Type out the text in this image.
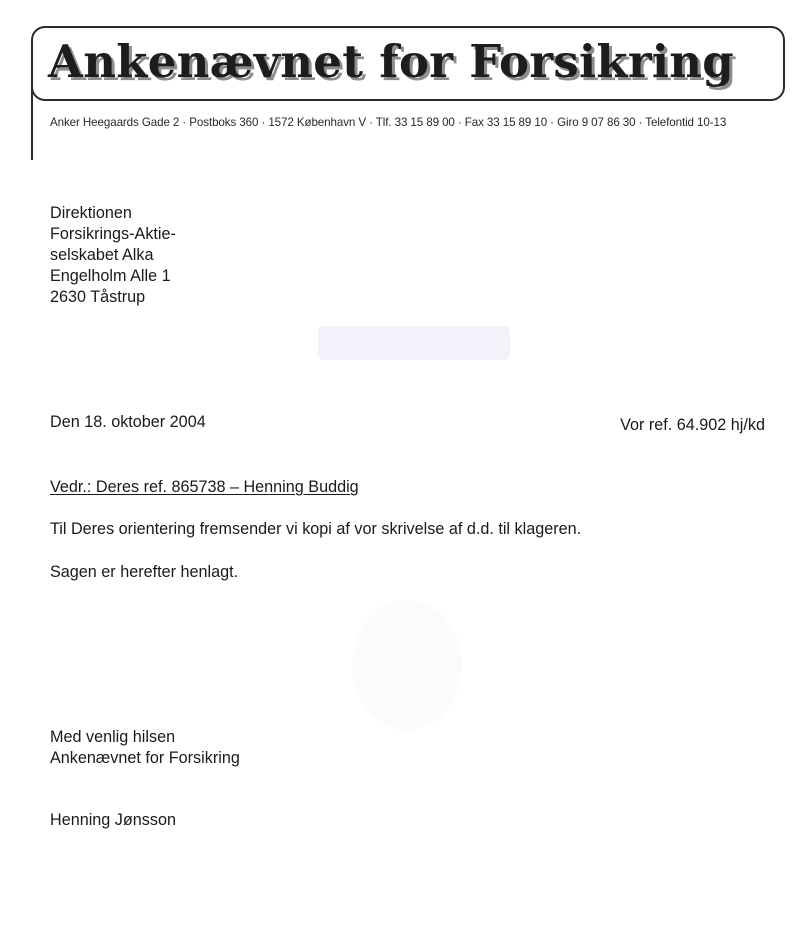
Ankenævnet for Forsikring
Anker Heegaards Gade 2 · Postboks 360 · 1572 København V · Tlf. 33 15 89 00 · Fax 33 15 89 10 · Giro 9 07 86 30 · Telefontid 10-13
Direktionen
Forsikrings-Aktie-
selskabet Alka
Engelholm Alle 1
2630 Tåstrup
Den 18. oktober 2004	Vor ref. 64.902 hj/kd
Vedr.: Deres ref. 865738 – Henning Buddig

Til Deres orientering fremsender vi kopi af vor skrivelse af d.d. til klageren.

Sagen er herefter henlagt.

Med venlig hilsen
Ankenævnet for Forsikring
Henning Jønsson
